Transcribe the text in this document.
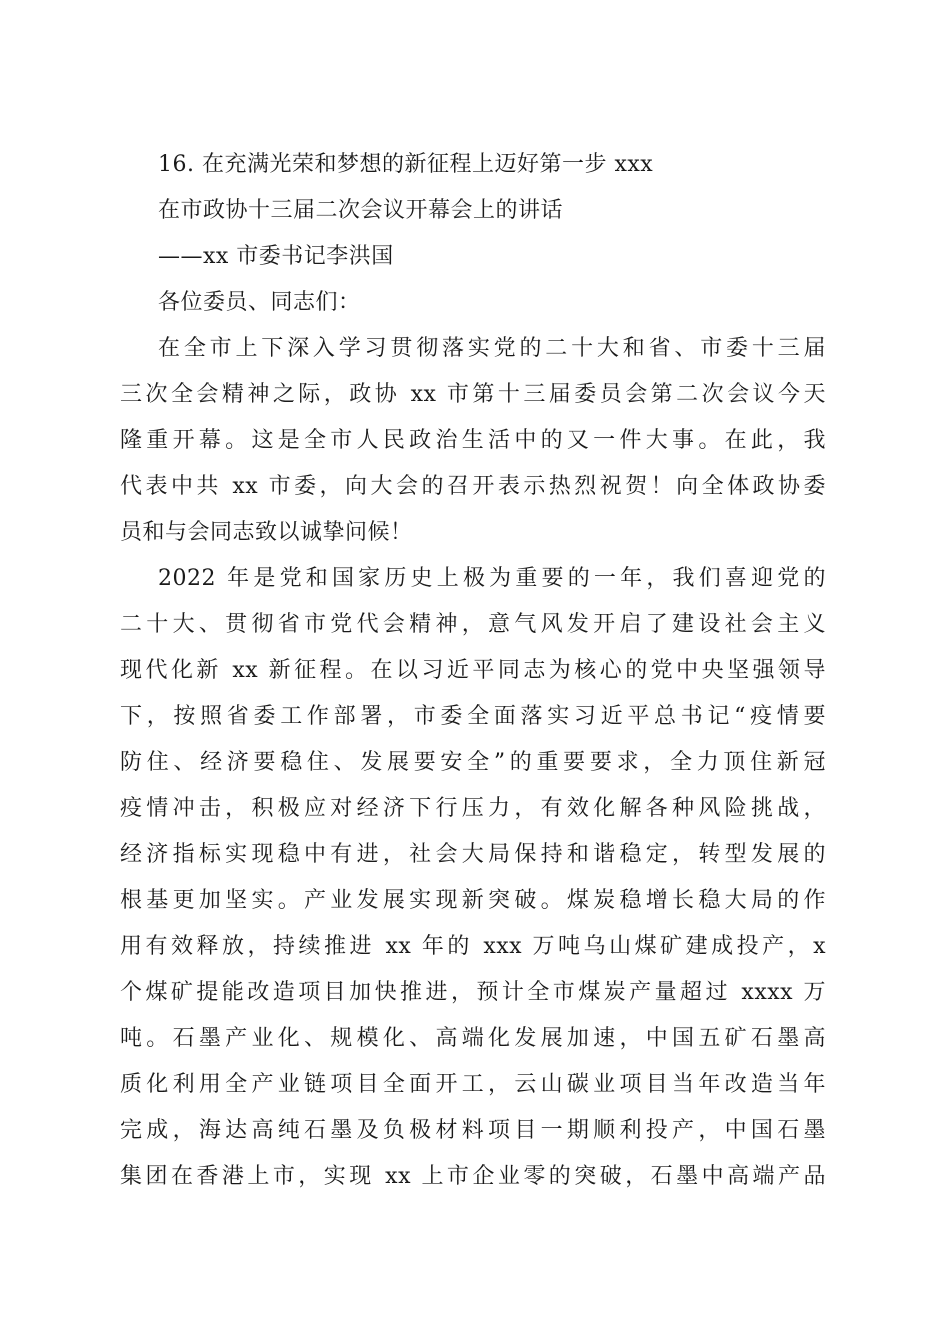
16. 在充满光荣和梦想的新征程上迈好第一步 xxx
在市政协十三届二次会议开幕会上的讲话
——xx 市委书记李洪国
各位委员、同志们：
在全市上下深入学习贯彻落实党的二十大和省、市委十三届
三次全会精神之际，政协 xx 市第十三届委员会第二次会议今天
隆重开幕。这是全市人民政治生活中的又一件大事。在此，我
代表中共 xx 市委，向大会的召开表示热烈祝贺！向全体政协委
员和与会同志致以诚挚问候！
2022 年是党和国家历史上极为重要的一年，我们喜迎党的
二十大、贯彻省市党代会精神，意气风发开启了建设社会主义
现代化新 xx 新征程。在以习近平同志为核心的党中央坚强领导
下，按照省委工作部署，市委全面落实习近平总书记“疫情要
防住、经济要稳住、发展要安全”的重要要求，全力顶住新冠
疫情冲击，积极应对经济下行压力，有效化解各种风险挑战，
经济指标实现稳中有进，社会大局保持和谐稳定，转型发展的
根基更加坚实。产业发展实现新突破。煤炭稳增长稳大局的作
用有效释放，持续推进 xx 年的 xxx 万吨乌山煤矿建成投产，x
个煤矿提能改造项目加快推进，预计全市煤炭产量超过 xxxx 万
吨。石墨产业化、规模化、高端化发展加速，中国五矿石墨高
质化利用全产业链项目全面开工，云山碳业项目当年改造当年
完成，海达高纯石墨及负极材料项目一期顺利投产，中国石墨
集团在香港上市，实现 xx 上市企业零的突破，石墨中高端产品
